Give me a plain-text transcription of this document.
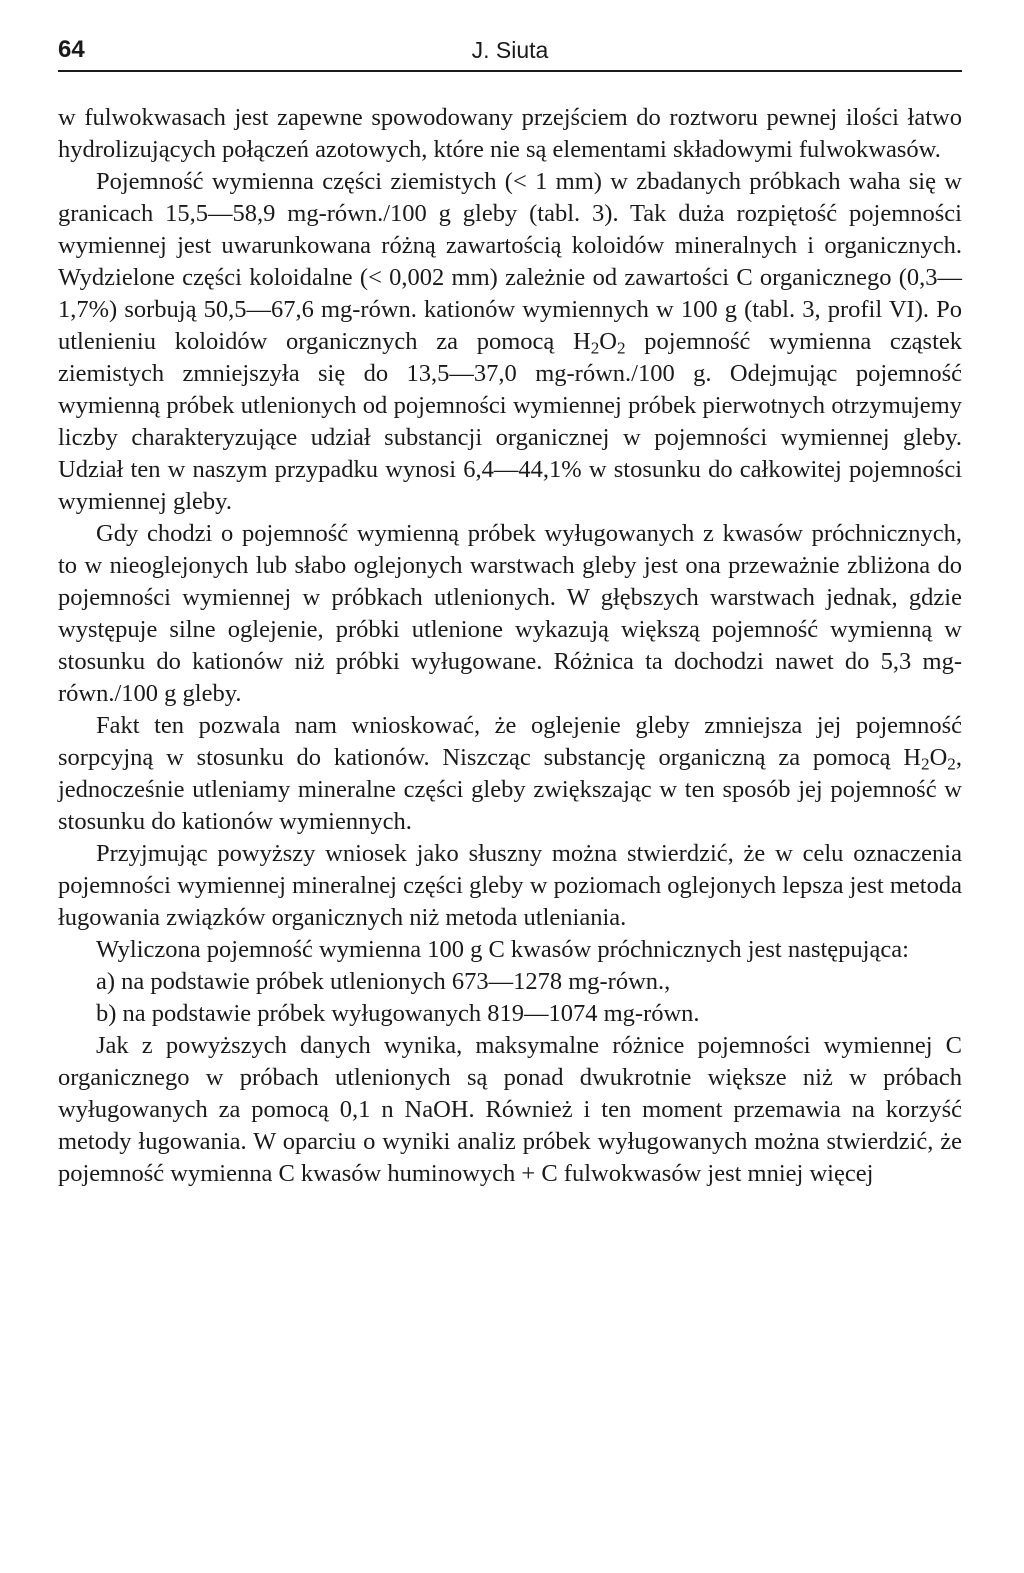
64	J. Siuta

w fulwokwasach jest zapewne spowodowany przejściem do roztworu pewnej ilości łatwo hydrolizujących połączeń azotowych, które nie są elementami składowymi fulwokwasów.

Pojemność wymienna części ziemistych (< 1 mm) w zbadanych próbkach waha się w granicach 15,5—58,9 mg-równ./100 g gleby (tabl. 3). Tak duża rozpiętość pojemności wymiennej jest uwarunkowana różną zawartością koloidów mineralnych i organicznych. Wydzielone części koloidalne (< 0,002 mm) zależnie od zawartości C organicznego (0,3—1,7%) sorbują 50,5—67,6 mg-równ. kationów wymiennych w 100 g (tabl. 3, profil VI). Po utlenieniu koloidów organicznych za pomocą $H_2O_2$ pojemność wymienna cząstek ziemistych zmniejszyła się do 13,5—37,0 mg-równ./100 g. Odejmując pojemność wymienną próbek utlenionych od pojemności wymiennej próbek pierwotnych otrzymujemy liczby charakteryzujące udział substancji organicznej w pojemności wymiennej gleby. Udział ten w naszym przypadku wynosi 6,4—44,1% w stosunku do całkowitej pojemności wymiennej gleby.

Gdy chodzi o pojemność wymienną próbek wyługowanych z kwasów próchnicznych, to w nieoglejonych lub słabo oglejonych warstwach gleby jest ona przeważnie zbliżona do pojemności wymiennej w próbkach utlenionych. W głębszych warstwach jednak, gdzie występuje silne oglejenie, próbki utlenione wykazują większą pojemność wymienną w stosunku do kationów niż próbki wyługowane. Różnica ta dochodzi nawet do 5,3 mg-równ./100 g gleby.

Fakt ten pozwala nam wnioskować, że oglejenie gleby zmniejsza jej pojemność sorpcyjną w stosunku do kationów. Niszcząc substancję organiczną za pomocą $H_2O_2$, jednocześnie utleniamy mineralne części gleby zwiększając w ten sposób jej pojemność w stosunku do kationów wymiennych.

Przyjmując powyższy wniosek jako słuszny można stwierdzić, że w celu oznaczenia pojemności wymiennej mineralnej części gleby w poziomach oglejonych lepsza jest metoda ługowania związków organicznych niż metoda utleniania.

Wyliczona pojemność wymienna 100 g C kwasów próchnicznych jest następująca:

a) na podstawie próbek utlenionych 673—1278 mg-równ.,

b) na podstawie próbek wyługowanych 819—1074 mg-równ.

Jak z powyższych danych wynika, maksymalne różnice pojemności wymiennej C organicznego w próbach utlenionych są ponad dwukrotnie większe niż w próbach wyługowanych za pomocą 0,1 n NaOH. Również i ten moment przemawia na korzyść metody ługowania. W oparciu o wyniki analiz próbek wyługowanych można stwierdzić, że pojemność wymienna C kwasów huminowych + C fulwokwasów jest mniej więcej
